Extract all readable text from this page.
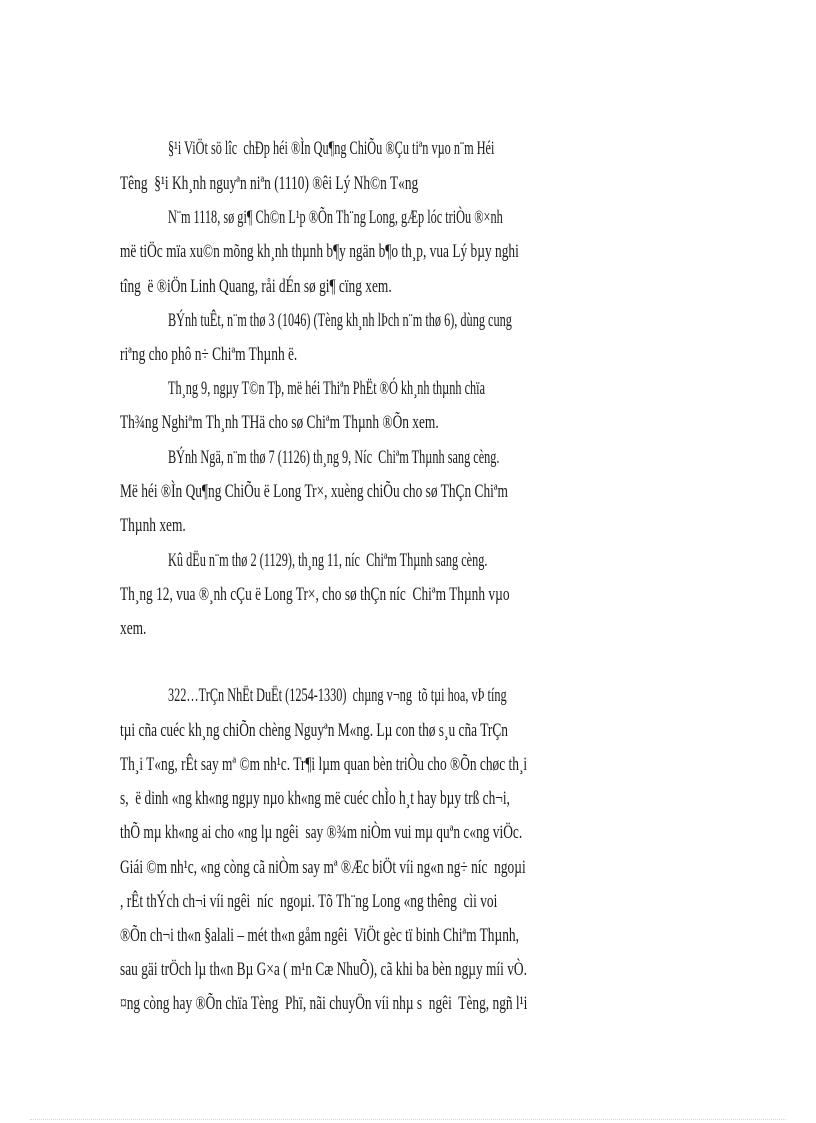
§¹i ViÖt sö lîc  chÐp héi ®Ìn Qu¶ng ChiÕu ®Çu tiªn vµo n¨m Héi
Têng  §¹i Kh¸nh nguyªn niªn (1110) ®êi Lý Nh©n T«ng
N¨m 1118, sø gi¶ Ch©n L¹p ®Õn Th¨ng Long, gÆp lóc triÒu ®×nh
më tiÖc mïa xu©n mõng kh¸nh thµnh b¶y ngän b¶o th¸p, vua Lý bµy nghi
tîng  ë ®iÖn Linh Quang, råi dÉn sø gi¶ cïng xem.
BÝnh tuÊt, n¨m thø 3 (1046) (Tèng kh¸nh lÞch n¨m thø 6), dùng cung
riªng cho phô n÷ Chiªm Thµnh ë.
Th¸ng 9, ngµy T©n Tþ, më héi Thiªn PhËt ®Ó kh¸nh thµnh chïa
Th¾ng Nghiªm Th¸nh THä cho sø Chiªm Thµnh ®Õn xem.
BÝnh Ngä, n¨m thø 7 (1126) th¸ng 9, Níc  Chiªm Thµnh sang cèng.
Më héi ®Ìn Qu¶ng ChiÕu ë Long Tr×, xuèng chiÕu cho sø ThÇn Chiªm
Thµnh xem.
Kû dËu n¨m thø 2 (1129), th¸ng 11, níc  Chiªm Thµnh sang cèng.
Th¸ng 12, vua ®¸nh cÇu ë Long Tr×, cho sø thÇn níc  Chiªm Thµnh vµo
xem.
322…TrÇn NhËt DuËt (1254-1330)  chµng v¬ng  tõ tµi hoa, vÞ tíng
tµi cña cuéc kh¸ng chiÕn chèng Nguyªn M«ng. Lµ con thø s¸u cña TrÇn
Th¸i T«ng, rÊt say mª ©m nh¹c. Tr¶i lµm quan bèn triÒu cho ®Õn chøc th¸i
s,  ë dinh «ng kh«ng ngµy nµo kh«ng më cuéc chÌo h¸t hay bµy trß ch¬i,
thÕ mµ kh«ng ai cho «ng lµ ngêi  say ®¾m niÒm vui mµ quªn c«ng viÖc.
Giái ©m nh¹c, «ng còng cã niÒm say mª ®Æc biÖt víi ng«n ng÷ níc  ngoµi
, rÊt thÝch ch¬i víi ngêi  níc  ngoµi. Tõ Th¨ng Long «ng thêng  cìi voi
®Õn ch¬i th«n §alali – mét th«n gåm ngêi  ViÖt gèc tï binh Chiªm Thµnh,
sau gäi trÖch lµ th«n Bµ G×a ( m¹n Cæ NhuÕ), cã khi ba bèn ngµy míi vÒ.
¤ng còng hay ®Õn chïa Tèng  Phï, nãi chuyÖn víi nhµ s  ngêi  Tèng, ngñ l¹i
